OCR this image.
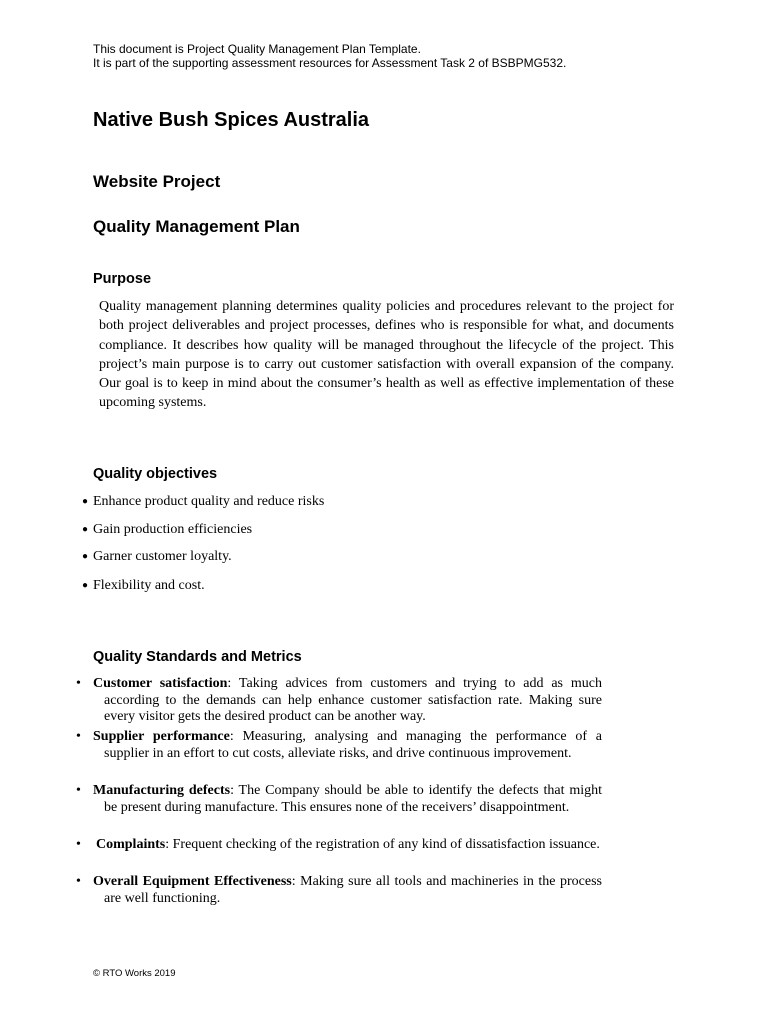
This document is Project Quality Management Plan Template.
It is part of the supporting assessment resources for Assessment Task 2 of BSBPMG532.
Native Bush Spices Australia
Website Project
Quality Management Plan
Purpose
Quality management planning determines quality policies and procedures relevant to the project for both project deliverables and project processes, defines who is responsible for what, and documents compliance. It describes how quality will be managed throughout the lifecycle of the project. This project’s main purpose is to carry out customer satisfaction with overall expansion of the company. Our goal is to keep in mind about the consumer’s health as well as effective implementation of these upcoming systems.
Quality objectives
● Enhance product quality and reduce risks
● Gain production efficiencies
● Garner customer loyalty.
● Flexibility and cost.
Quality Standards and Metrics
• Customer satisfaction: Taking advices from customers and trying to add as much according to the demands can help enhance customer satisfaction rate. Making sure every visitor gets the desired product can be another way.
• Supplier performance: Measuring, analysing and managing the performance of a supplier in an effort to cut costs, alleviate risks, and drive continuous improvement.
• Manufacturing defects: The Company should be able to identify the defects that might be present during manufacture. This ensures none of the receivers’ disappointment.
• Complaints: Frequent checking of the registration of any kind of dissatisfaction issuance.
• Overall Equipment Effectiveness: Making sure all tools and machineries in the process are well functioning.
© RTO Works 2019
